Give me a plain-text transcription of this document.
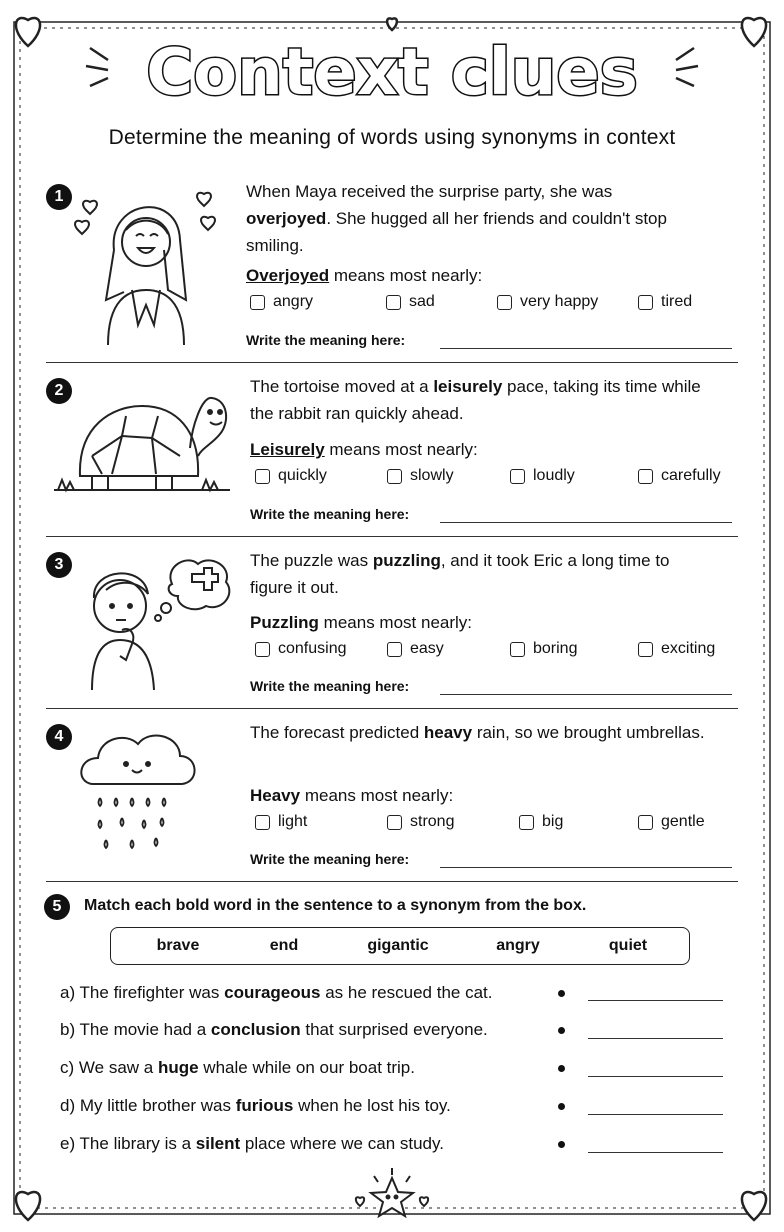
Context clues
Determine the meaning of words using synonyms in context
1	When Maya received the surprise party, she was overjoyed. She hugged all her friends and couldn't stop smiling.
Overjoyed means most nearly:
angry	sad	very happy	tired
Write the meaning here:
2	The tortoise moved at a leisurely pace, taking its time while the rabbit ran quickly ahead.
Leisurely means most nearly:
quickly	slowly	loudly	carefully
Write the meaning here:
3	The puzzle was puzzling, and it took Eric a long time to figure it out.
Puzzling means most nearly:
confusing	easy	boring	exciting
Write the meaning here:
4	The forecast predicted heavy rain, so we brought umbrellas.
Heavy means most nearly:
light	strong	big	gentle
Write the meaning here:
5	Match each bold word in the sentence to a synonym from the box.
brave	end	gigantic	angry	quiet
a) The firefighter was courageous as he rescued the cat.
b) The movie had a conclusion that surprised everyone.
c) We saw a huge whale while on our boat trip.
d) My little brother was furious when he lost his toy.
e) The library is a silent place where we can study.
